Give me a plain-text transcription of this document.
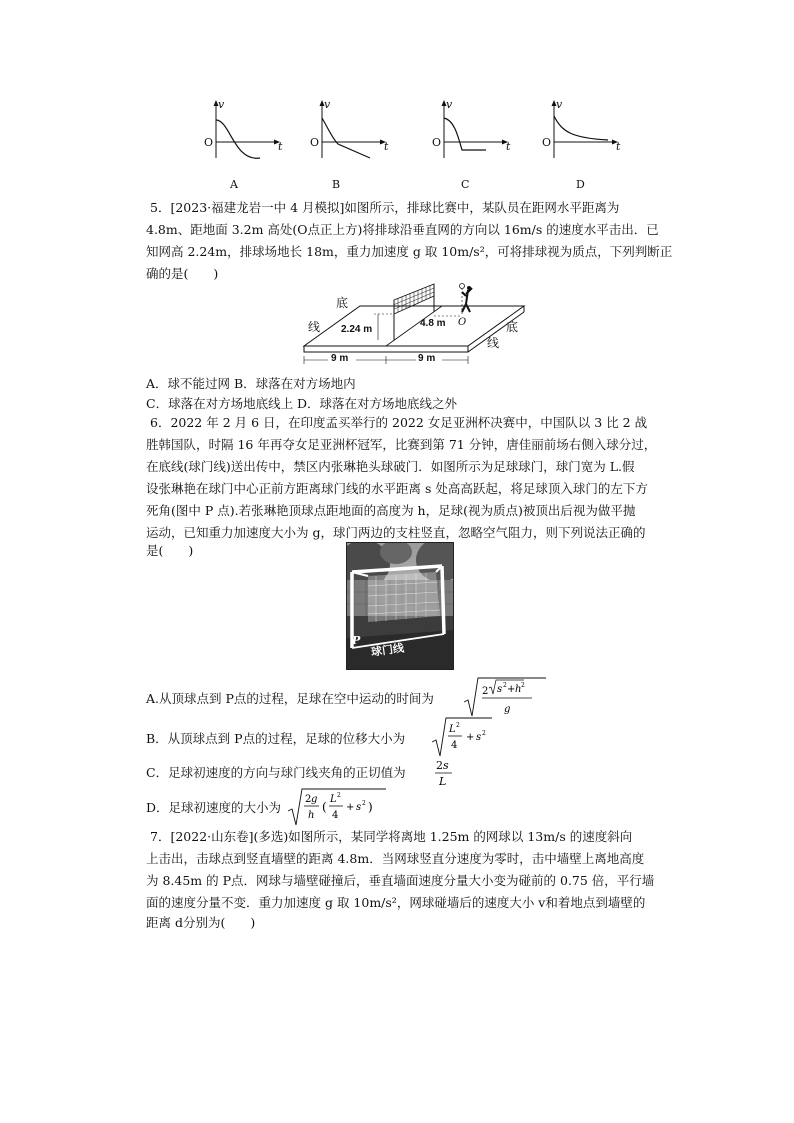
v
O	t
A
v
O	t
B
v
O	t
C
v
O	t
D
5．[2023·福建龙岩一中 4 月模拟]如图所示，排球比赛中，某队员在距网水平距离为
4.8m、距地面 3.2m 高处(O点正上方)将排球沿垂直网的方向以 16m/s 的速度水平击出．已
知网高 2.24m，排球场地长 18m，重力加速度 g 取 10m/s²，可将排球视为质点，下列判断正
确的是(　　)
底
线 2.24 m
4.8 m O	底
线
9 m	9 m
A．球不能过网 B．球落在对方场地内
C．球落在对方场地底线上 D．球落在对方场地底线之外
6．2022 年 2 月 6 日，在印度孟买举行的 2022 女足亚洲杯决赛中，中国队以 3 比 2 战
胜韩国队，时隔 16 年再夺女足亚洲杯冠军，比赛到第 71 分钟，唐佳丽前场右侧入球分过，
在底线(球门线)送出传中，禁区内张琳艳头球破门．如图所示为足球球门，球门宽为 L.假
设张琳艳在球门中心正前方距离球门线的水平距离 s 处高高跃起，将足球顶入球门的左下方
死角(图中 P 点).若张琳艳顶球点距地面的高度为 h，足球(视为质点)被顶出后视为做平抛
运动，已知重力加速度大小为 g，球门两边的支柱竖直，忽略空气阻力，则下列说法正确的
是(　　)
P
球门线
A.从顶球点到 P点的过程，足球在空中运动的时间为	2 s 2 + h 2
g
B．从顶球点到 P点的过程，足球的位移大小为
L 2
4
+ s 2
C．足球初速度的方向与球门线夹角的正切值为	2 s
L
D．足球初速度的大小为
2 g
h
(
L 2
4
+ s 2 )
7．[2022·山东卷](多选)如图所示，某同学将离地 1.25m 的网球以 13m/s 的速度斜向
上击出，击球点到竖直墙壁的距离 4.8m．当网球竖直分速度为零时，击中墙壁上离地高度
为 8.45m 的 P点．网球与墙壁碰撞后，垂直墙面速度分量大小变为碰前的 0.75 倍，平行墙
面的速度分量不变．重力加速度 g 取 10m/s²，网球碰墙后的速度大小 v和着地点到墙壁的
距离 d分别为(　　)
